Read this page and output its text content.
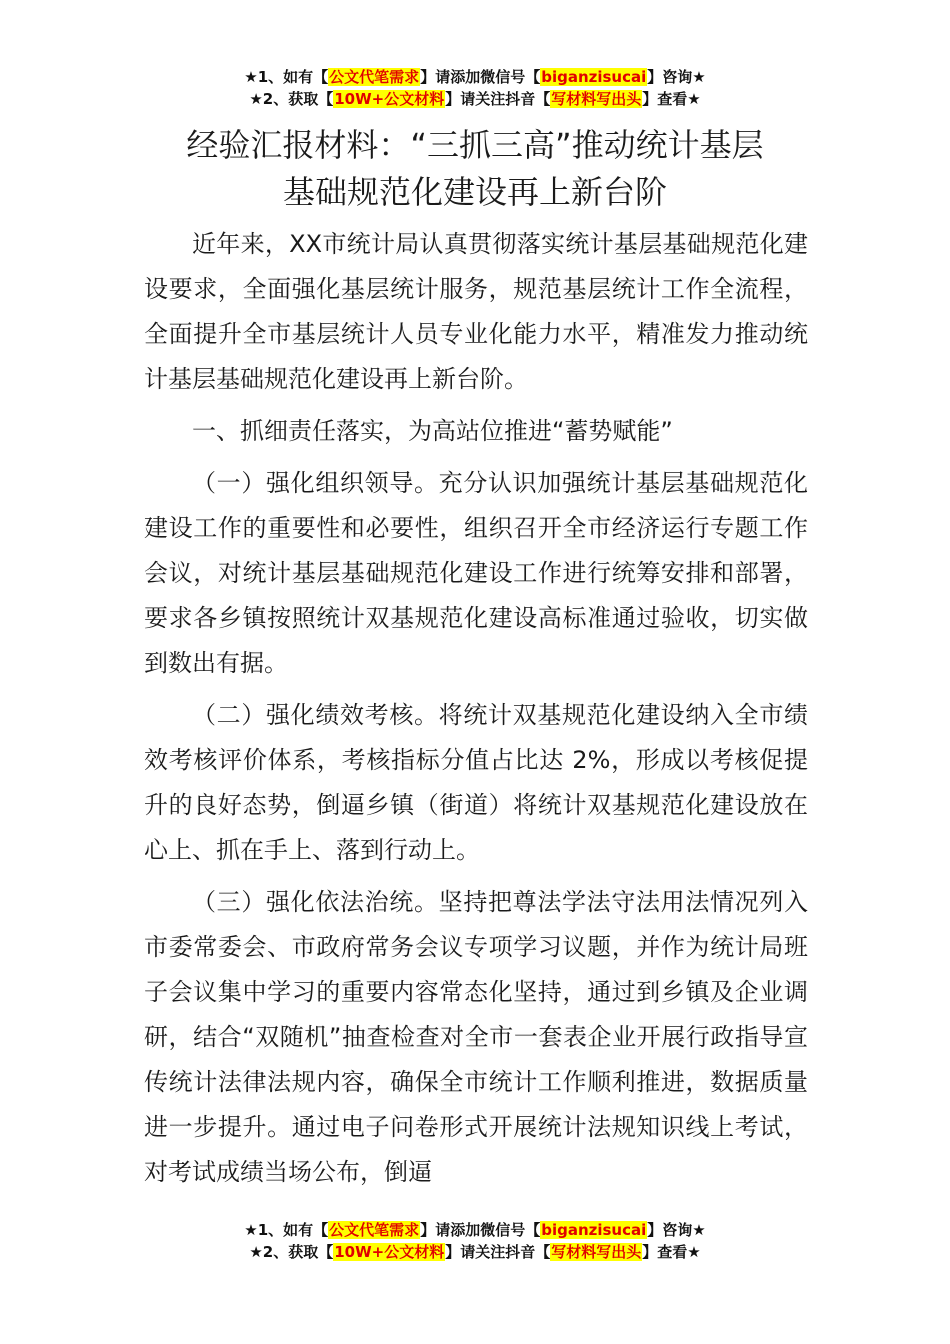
★1、如有【公文代笔需求】请添加微信号【biganzisucai】咨询★
★2、获取【10W+公文材料】请关注抖音【写材料写出头】查看★
经验汇报材料：“三抓三高”推动统计基层
基础规范化建设再上新台阶

近年来，XX市统计局认真贯彻落实统计基层基础规范化建设要求，全面强化基层统计服务，规范基层统计工作全流程，全面提升全市基层统计人员专业化能力水平，精准发力推动统计基层基础规范化建设再上新台阶。

一、抓细责任落实，为高站位推进“蓄势赋能”

（一）强化组织领导。充分认识加强统计基层基础规范化建设工作的重要性和必要性，组织召开全市经济运行专题工作会议，对统计基层基础规范化建设工作进行统筹安排和部署，要求各乡镇按照统计双基规范化建设高标准通过验收，切实做到数出有据。

（二）强化绩效考核。将统计双基规范化建设纳入全市绩效考核评价体系，考核指标分值占比达 2%，形成以考核促提升的良好态势，倒逼乡镇（街道）将统计双基规范化建设放在心上、抓在手上、落到行动上。

（三）强化依法治统。坚持把尊法学法守法用法情况列入市委常委会、市政府常务会议专项学习议题，并作为统计局班子会议集中学习的重要内容常态化坚持，通过到乡镇及企业调研，结合“双随机”抽查检查对全市一套表企业开展行政指导宣传统计法律法规内容，确保全市统计工作顺利推进，数据质量进一步提升。通过电子问卷形式开展统计法规知识线上考试，对考试成绩当场公布，倒逼

★1、如有【公文代笔需求】请添加微信号【biganzisucai】咨询★
★2、获取【10W+公文材料】请关注抖音【写材料写出头】查看★
